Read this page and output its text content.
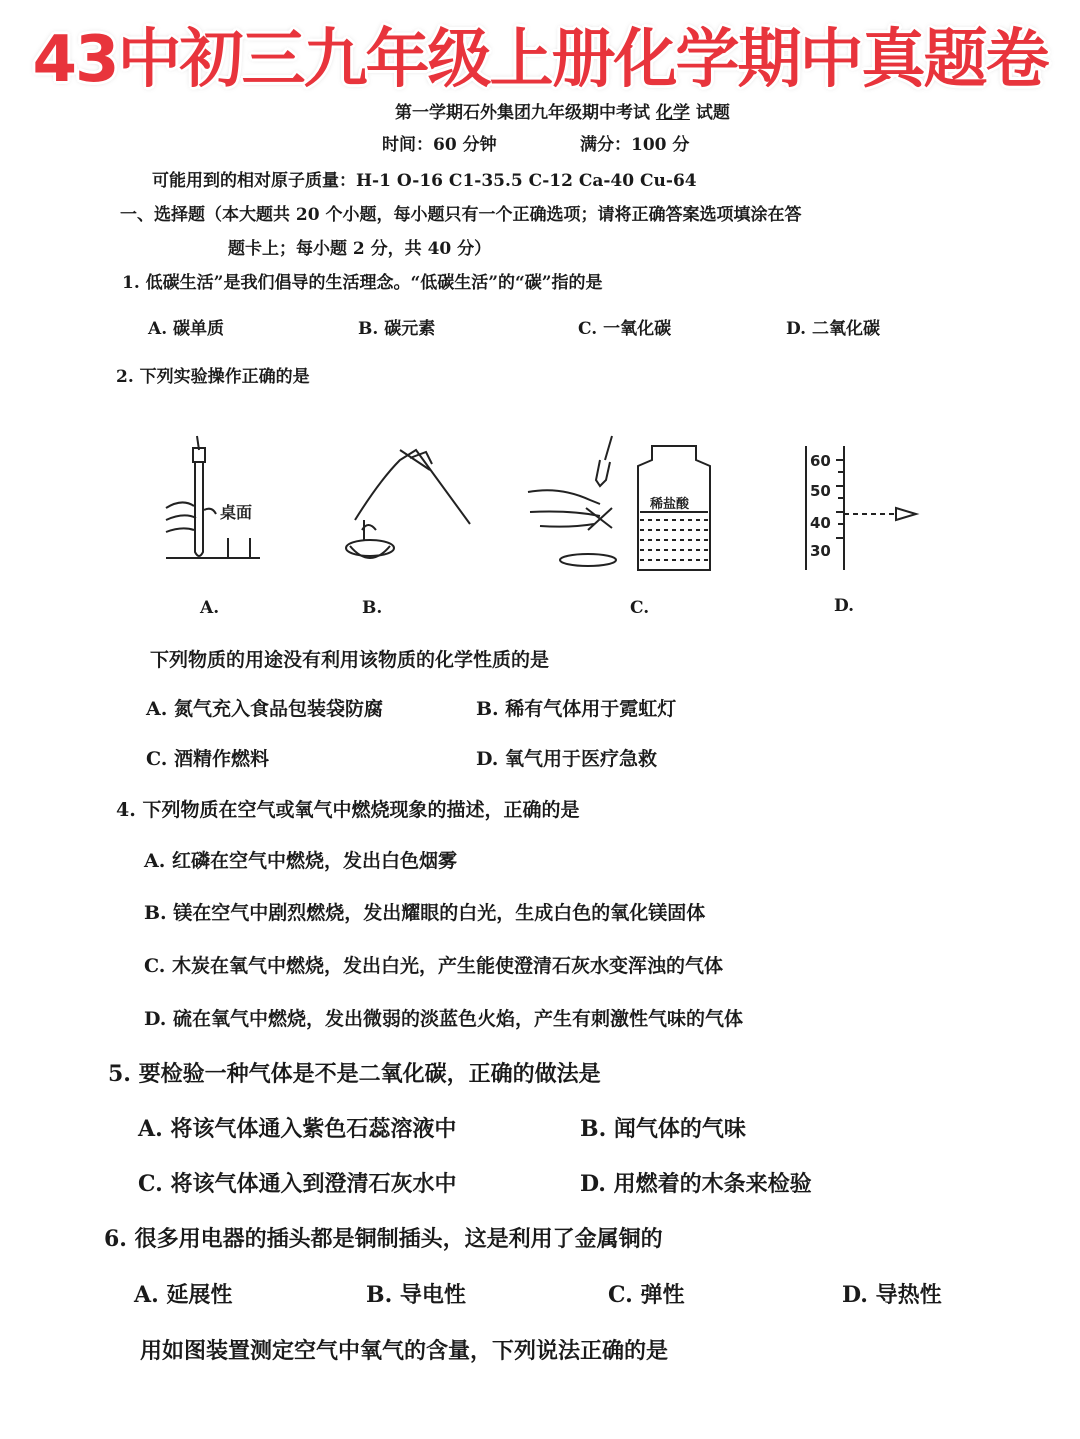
43中初三九年级上册化学期中真题卷
第一学期石外集团九年级期中考试 化学 试题
时间：60 分钟	满分：100 分
可能用到的相对原子质量：H-1 O-16 C1-35.5 C-12 Ca-40 Cu-64
一、选择题（本大题共 20 个小题，每小题只有一个正确选项；请将正确答案选项填涂在答
题卡上；每小题 2 分，共 40 分）
1. 低碳生活”是我们倡导的生活理念。“低碳生活”的“碳”指的是
A. 碳单质	B. 碳元素	C. 一氧化碳	D. 二氧化碳
2. 下列实验操作正确的是
桌面	稀盐酸
60
50
40
30
A.	B.	C.	D.
下列物质的用途没有利用该物质的化学性质的是
A. 氮气充入食品包装袋防腐	B. 稀有气体用于霓虹灯
C. 酒精作燃料	D. 氧气用于医疗急救
4. 下列物质在空气或氧气中燃烧现象的描述，正确的是
A. 红磷在空气中燃烧，发出白色烟雾
B. 镁在空气中剧烈燃烧，发出耀眼的白光，生成白色的氧化镁固体
C. 木炭在氧气中燃烧，发出白光，产生能使澄清石灰水变浑浊的气体
D. 硫在氧气中燃烧，发出微弱的淡蓝色火焰，产生有刺激性气味的气体
5. 要检验一种气体是不是二氧化碳，正确的做法是
A. 将该气体通入紫色石蕊溶液中	B. 闻气体的气味
C. 将该气体通入到澄清石灰水中	D. 用燃着的木条来检验
6. 很多用电器的插头都是铜制插头，这是利用了金属铜的
A. 延展性	B. 导电性	C. 弹性	D. 导热性
用如图装置测定空气中氧气的含量，下列说法正确的是
